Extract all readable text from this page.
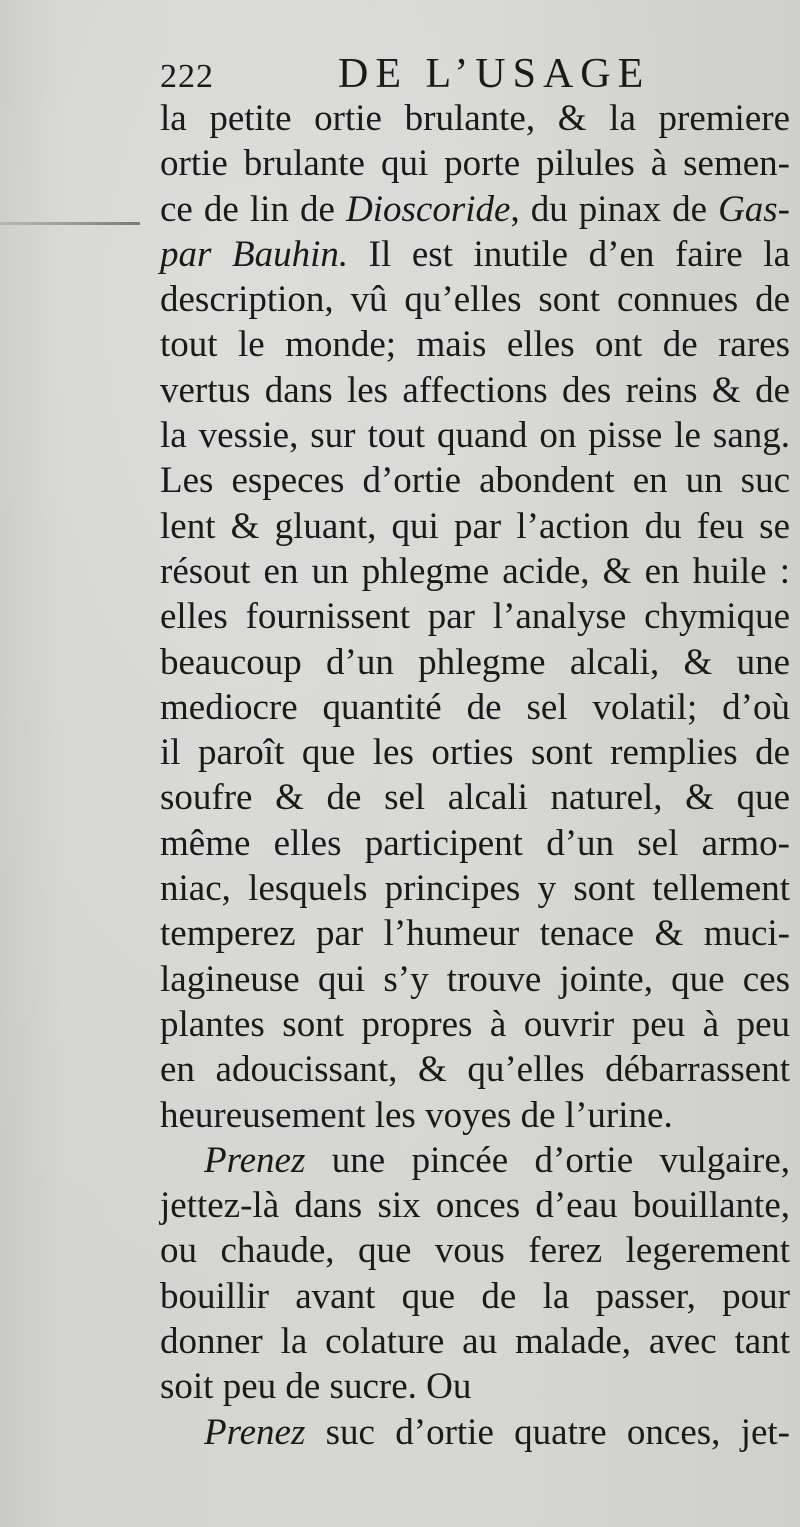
222	DE L’USAGE
la petite ortie brulante, & la premiere
ortie brulante qui porte pilules à semen-
ce de lin de Dioscoride, du pinax de Gas-
par Bauhin. Il est inutile d’en faire la
description, vû qu’elles sont connues de
tout le monde; mais elles ont de rares
vertus dans les affections des reins & de
la vessie, sur tout quand on pisse le sang.
Les especes d’ortie abondent en un suc
lent & gluant, qui par l’action du feu se
résout en un phlegme acide, & en huile :
elles fournissent par l’analyse chymique
beaucoup d’un phlegme alcali, & une
mediocre quantité de sel volatil; d’où
il paroît que les orties sont remplies de
soufre & de sel alcali naturel, & que
même elles participent d’un sel armo-
niac, lesquels principes y sont tellement
temperez par l’humeur tenace & muci-
lagineuse qui s’y trouve jointe, que ces
plantes sont propres à ouvrir peu à peu
en adoucissant, & qu’elles débarrassent
heureusement les voyes de l’urine.
Prenez une pincée d’ortie vulgaire,
jettez-là dans six onces d’eau bouillante,
ou chaude, que vous ferez legerement
bouillir avant que de la passer, pour
donner la colature au malade, avec tant
soit peu de sucre. Ou
Prenez suc d’ortie quatre onces, jet-
